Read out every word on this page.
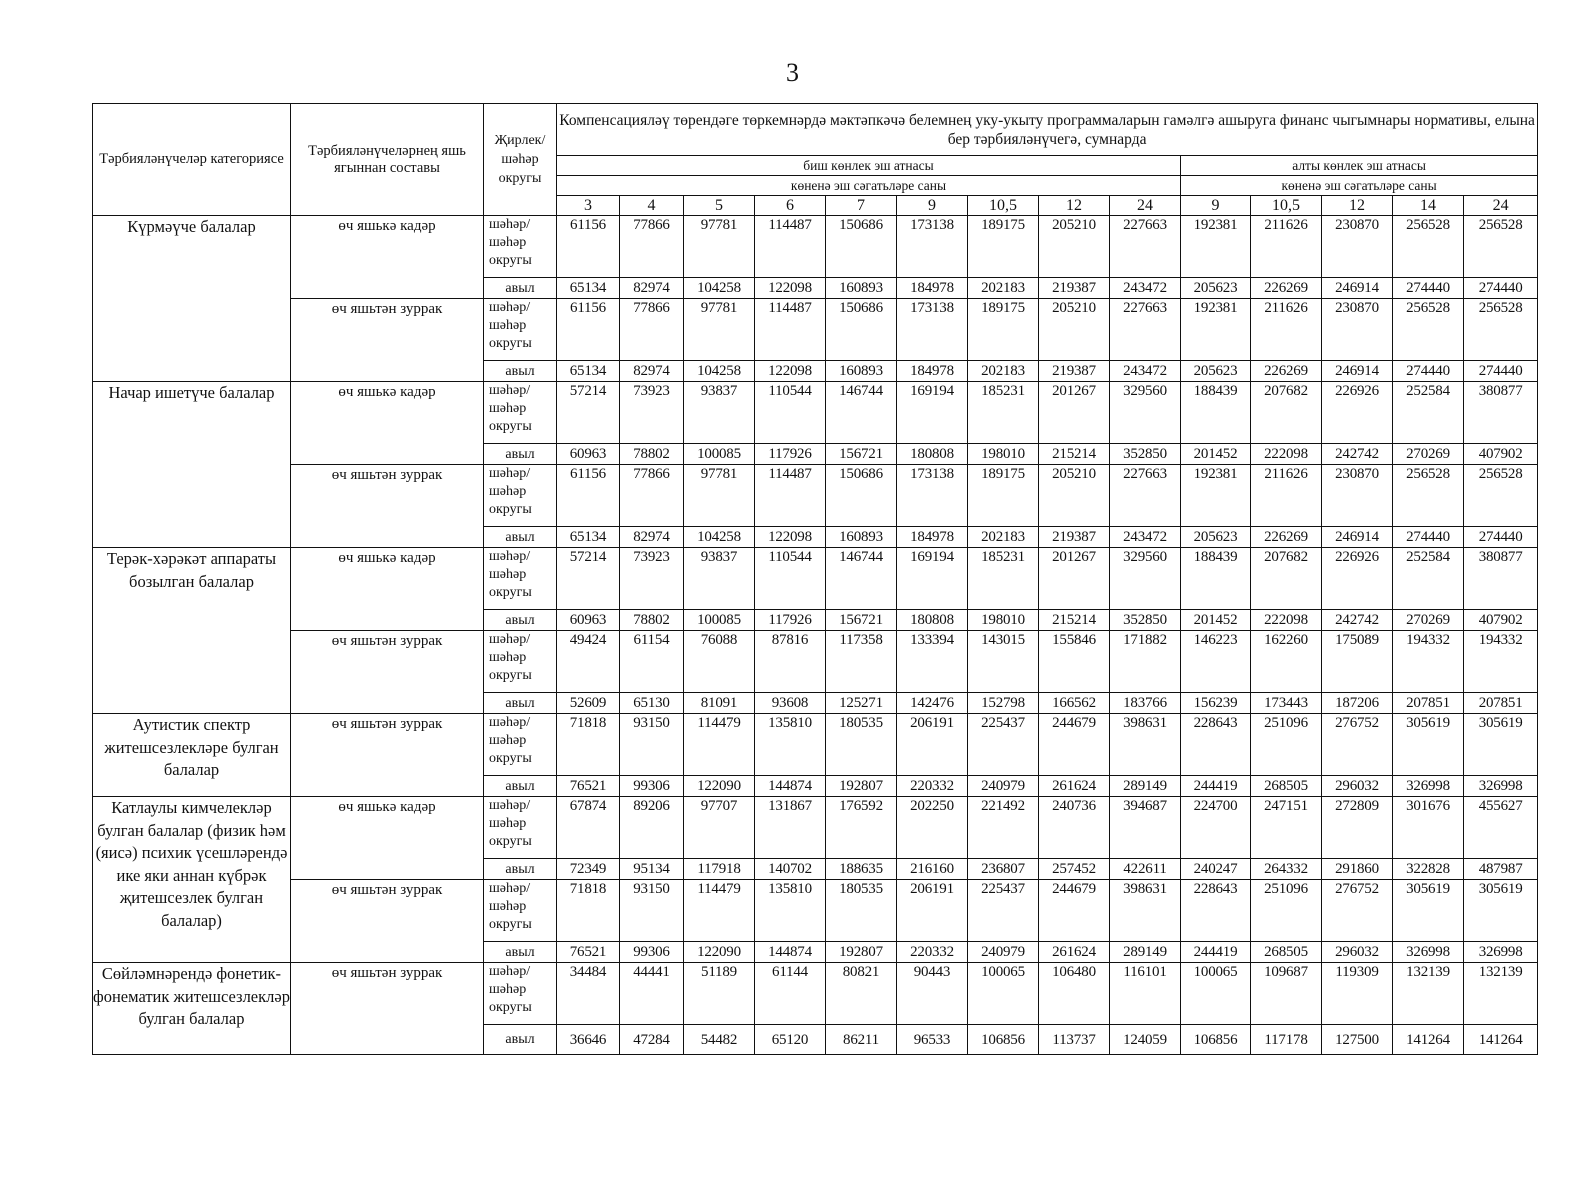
3
Тәрбияләнүчеләр категориясе	Тәрбияләнүчеләрнең яшь ягыннан составы	Җирлек/ шәһәр округы	Компенсацияләү төрендәге төркемнәрдә мәктәпкәчә белемнең уку-укыту программаларын гамәлгә ашыруга финанс чыгымнары нормативы, елына бер тәрбияләнүчегә, сумнарда													
			биш көнлек эш атнасы									алты көнлек эш атнасы				
			көненә эш сәгатьләре саны									көненә эш сәгатьләре саны				
			3	4	5	6	7	9	10,5	12	24	9	10,5	12	14	24
Күрмәүче балалар	өч яшькә кадәр	шәһәр/ шәһәр округы	61156	77866	97781	114487	150686	173138	189175	205210	227663	192381	211626	230870	256528	256528
		авыл	65134	82974	104258	122098	160893	184978	202183	219387	243472	205623	226269	246914	274440	274440
	өч яшьтән зуррак	шәһәр/ шәһәр округы	61156	77866	97781	114487	150686	173138	189175	205210	227663	192381	211626	230870	256528	256528
		авыл	65134	82974	104258	122098	160893	184978	202183	219387	243472	205623	226269	246914	274440	274440
Начар ишетүче балалар	өч яшькә кадәр	шәһәр/ шәһәр округы	57214	73923	93837	110544	146744	169194	185231	201267	329560	188439	207682	226926	252584	380877
		авыл	60963	78802	100085	117926	156721	180808	198010	215214	352850	201452	222098	242742	270269	407902
	өч яшьтән зуррак	шәһәр/ шәһәр округы	61156	77866	97781	114487	150686	173138	189175	205210	227663	192381	211626	230870	256528	256528
		авыл	65134	82974	104258	122098	160893	184978	202183	219387	243472	205623	226269	246914	274440	274440
Терәк-хәрәкәт аппараты бозылган балалар	өч яшькә кадәр	шәһәр/ шәһәр округы	57214	73923	93837	110544	146744	169194	185231	201267	329560	188439	207682	226926	252584	380877
		авыл	60963	78802	100085	117926	156721	180808	198010	215214	352850	201452	222098	242742	270269	407902
	өч яшьтән зуррак	шәһәр/ шәһәр округы	49424	61154	76088	87816	117358	133394	143015	155846	171882	146223	162260	175089	194332	194332
		авыл	52609	65130	81091	93608	125271	142476	152798	166562	183766	156239	173443	187206	207851	207851
Аутистик спектр житешсезлекләре булган балалар	өч яшьтән зуррак	шәһәр/ шәһәр округы	71818	93150	114479	135810	180535	206191	225437	244679	398631	228643	251096	276752	305619	305619
		авыл	76521	99306	122090	144874	192807	220332	240979	261624	289149	244419	268505	296032	326998	326998
Катлаулы кимчелекләр булган балалар (физик һәм (яисә) психик үсешләрендә ике яки аннан күбрәк җитешсезлек булган балалар)	өч яшькә кадәр	шәһәр/ шәһәр округы	67874	89206	97707	131867	176592	202250	221492	240736	394687	224700	247151	272809	301676	455627
		авыл	72349	95134	117918	140702	188635	216160	236807	257452	422611	240247	264332	291860	322828	487987
	өч яшьтән зуррак	шәһәр/ шәһәр округы	71818	93150	114479	135810	180535	206191	225437	244679	398631	228643	251096	276752	305619	305619
		авыл	76521	99306	122090	144874	192807	220332	240979	261624	289149	244419	268505	296032	326998	326998
Сөйләмнәрендә фонетик-фонематик житешсезлекләр булган балалар	өч яшьтән зуррак	шәһәр/ шәһәр округы	34484	44441	51189	61144	80821	90443	100065	106480	116101	100065	109687	119309	132139	132139
		авыл	36646	47284	54482	65120	86211	96533	106856	113737	124059	106856	117178	127500	141264	141264
